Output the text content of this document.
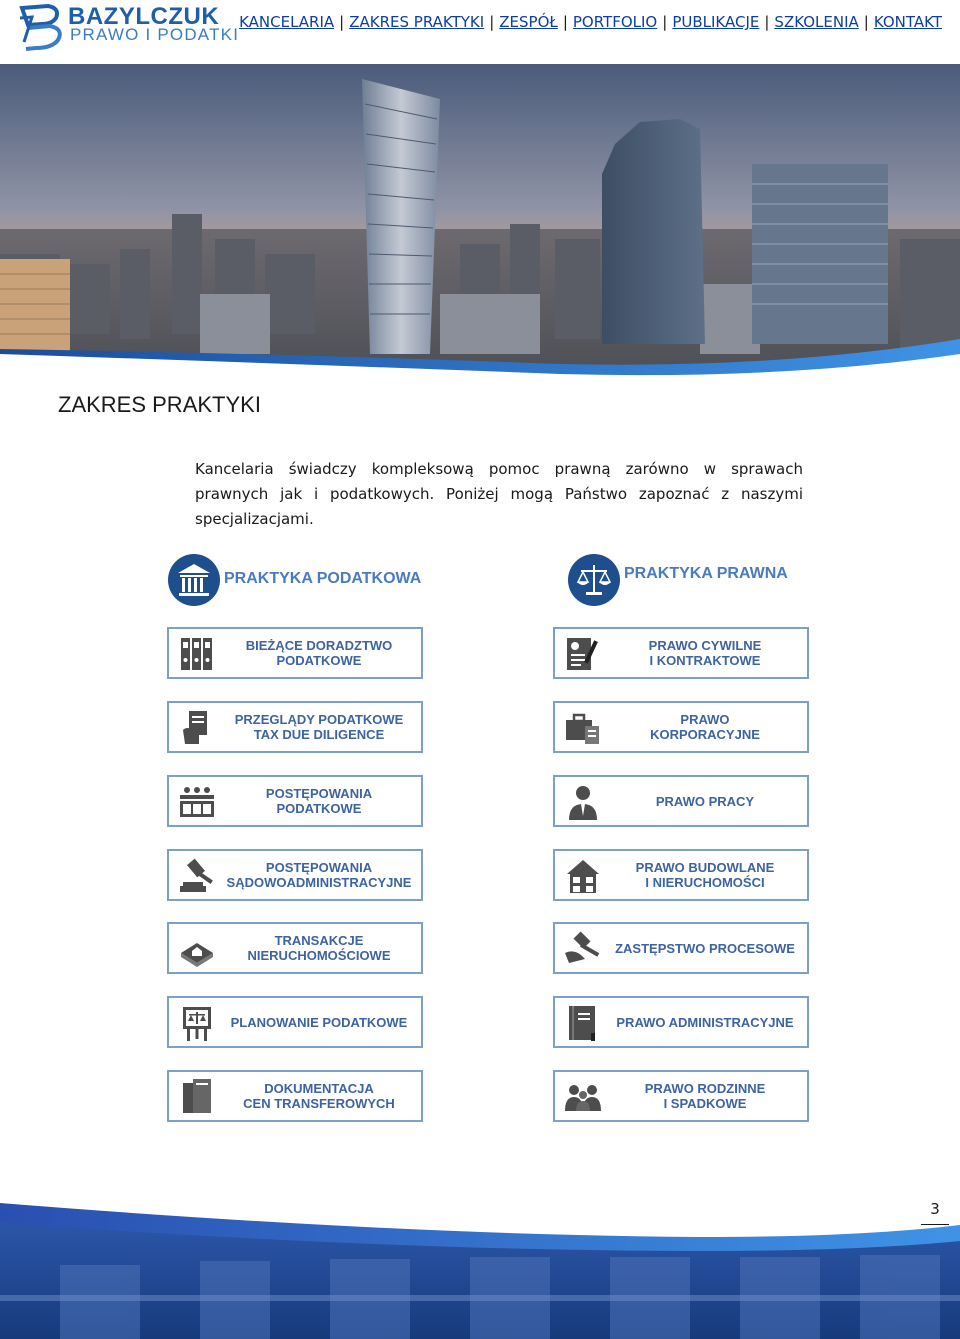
BAZYLCZUK
PRAWO I PODATKI
KANCELARIA | ZAKRES PRAKTYKI | ZESPÓŁ | PORTFOLIO | PUBLIKACJE | SZKOLENIA | KONTAKT
ZAKRES PRAKTYKI

Kancelaria świadczy kompleksową pomoc prawną zarówno w sprawach prawnych jak i podatkowych. Poniżej mogą Państwo zapoznać z naszymi specjalizacjami.

PRAKTYKA PODATKOWA	PRAKTYKA PRAWNA
BIEŻĄCE DORADZTWO
PODATKOWE
PRZEGLĄDY PODATKOWE
TAX DUE DILIGENCE
POSTĘPOWANIA
PODATKOWE
POSTĘPOWANIA
SĄDOWOADMINISTRACYJNE
TRANSAKCJE
NIERUCHOMOŚCIOWE
PLANOWANIE PODATKOWE
DOKUMENTACJA
CEN TRANSFEROWYCH
PRAWO CYWILNE
I KONTRAKTOWE
PRAWO
KORPORACYJNE
PRAWO PRACY
PRAWO BUDOWLANE
I NIERUCHOMOŚCI
ZASTĘPSTWO PROCESOWE
PRAWO ADMINISTRACYJNE
PRAWO RODZINNE
I SPADKOWE
3
